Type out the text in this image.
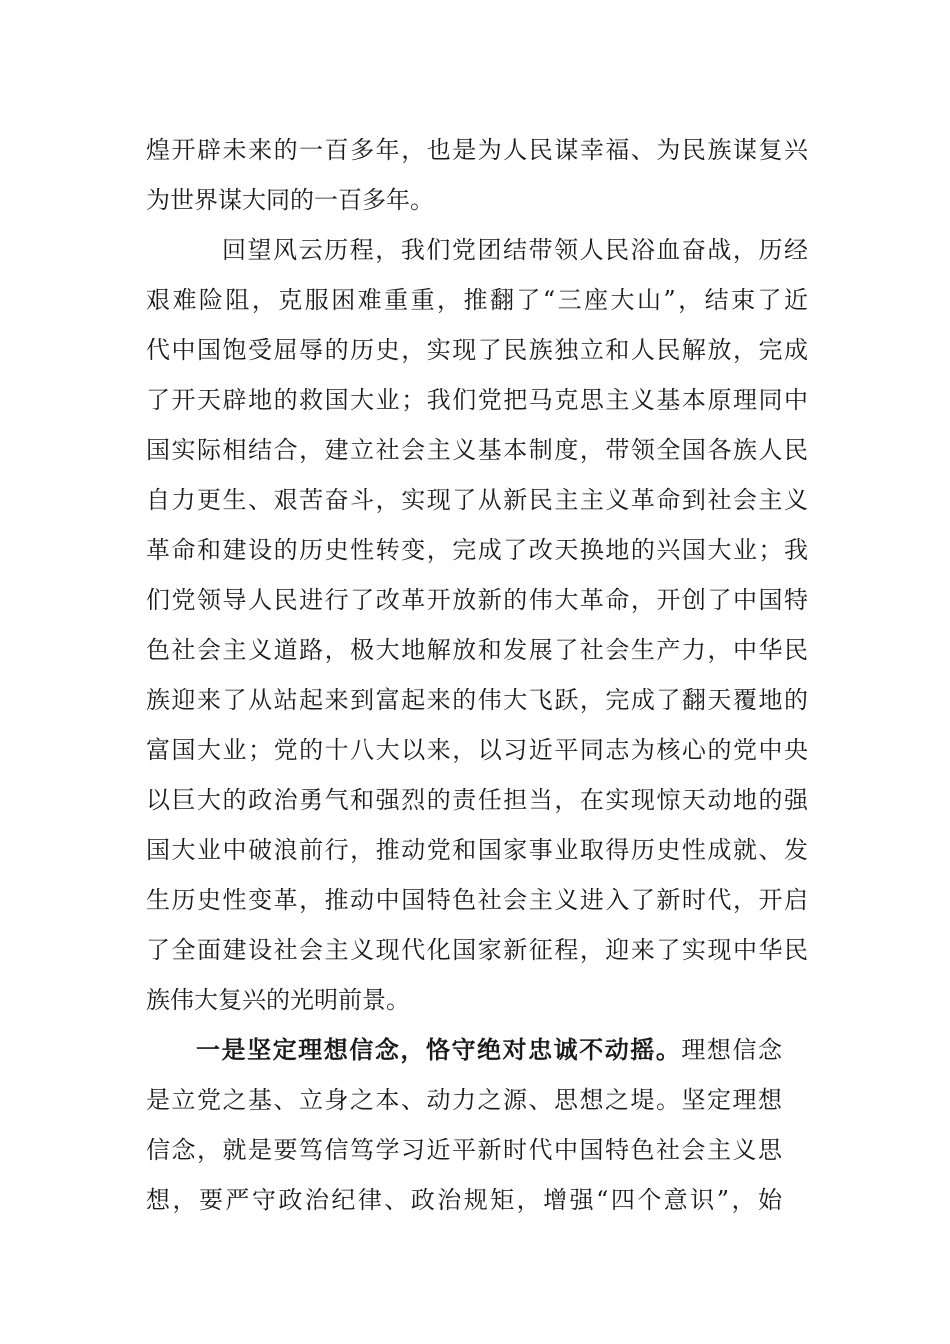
煌开辟未来的一百多年，也是为人民谋幸福、为民族谋复兴
为世界谋大同的一百多年。
回望风云历程，我们党团结带领人民浴血奋战，历经
艰难险阻，克服困难重重，推翻了“三座大山”，结束了近
代中国饱受屈辱的历史，实现了民族独立和人民解放，完成
了开天辟地的救国大业；我们党把马克思主义基本原理同中
国实际相结合，建立社会主义基本制度，带领全国各族人民
自力更生、艰苦奋斗，实现了从新民主主义革命到社会主义
革命和建设的历史性转变，完成了改天换地的兴国大业；我
们党领导人民进行了改革开放新的伟大革命，开创了中国特
色社会主义道路，极大地解放和发展了社会生产力，中华民
族迎来了从站起来到富起来的伟大飞跃，完成了翻天覆地的
富国大业；党的十八大以来，以习近平同志为核心的党中央
以巨大的政治勇气和强烈的责任担当，在实现惊天动地的强
国大业中破浪前行，推动党和国家事业取得历史性成就、发
生历史性变革，推动中国特色社会主义进入了新时代，开启
了全面建设社会主义现代化国家新征程，迎来了实现中华民
族伟大复兴的光明前景。
一是坚定理想信念，恪守绝对忠诚不动摇。理想信念
是立党之基、立身之本、动力之源、思想之堤。坚定理想
信念，就是要笃信笃学习近平新时代中国特色社会主义思
想，要严守政治纪律、政治规矩，增强“四个意识”，始
